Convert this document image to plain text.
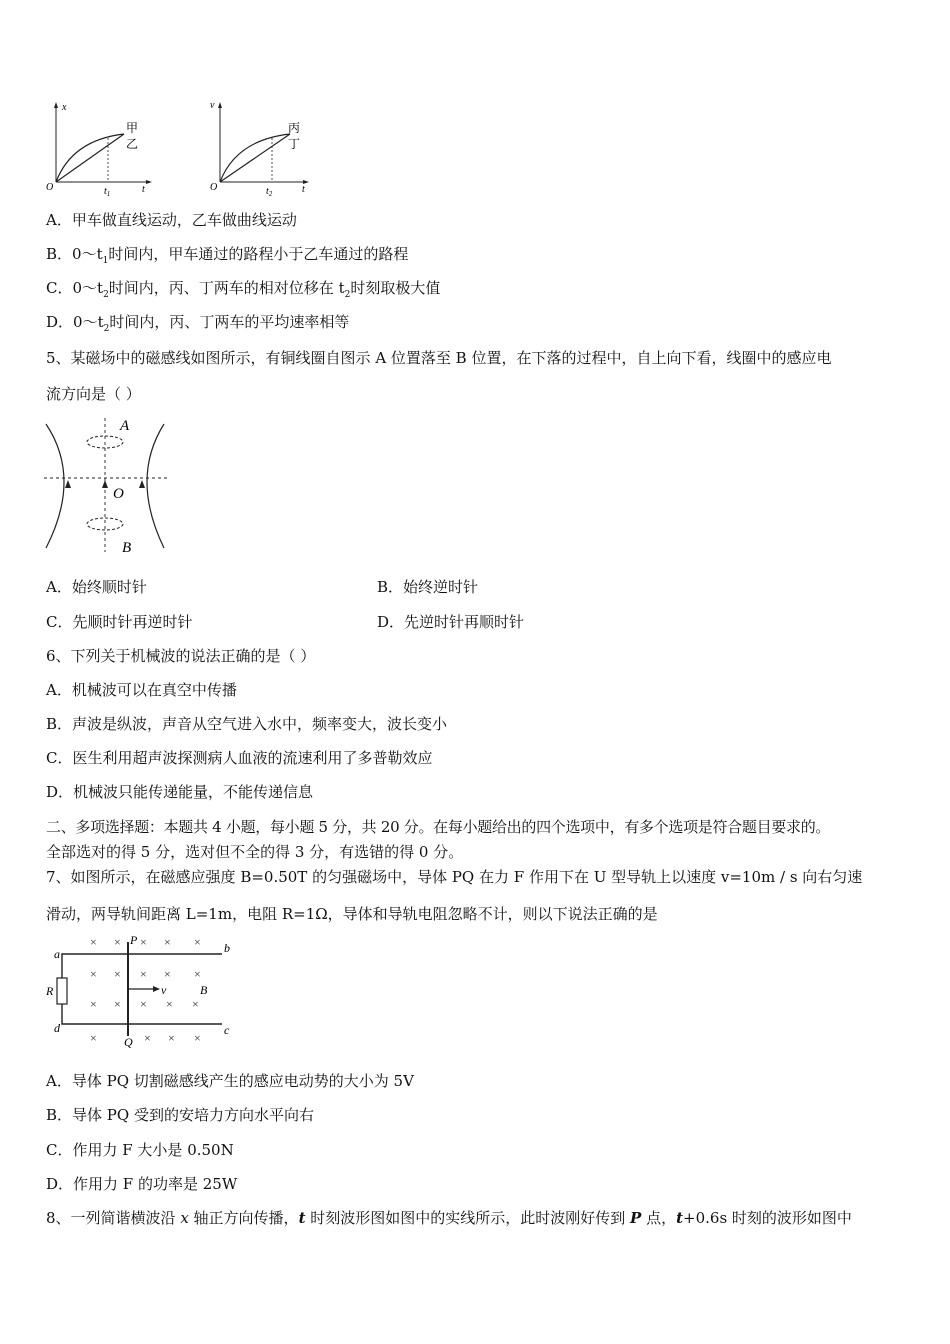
x
O	t
$t_1$
甲
乙
v
O	t
$t_2$
丙
丁
A．甲车做直线运动，乙车做曲线运动
B．$0\sim t_1$时间内，甲车通过的路程小于乙车通过的路程
C．$0\sim t_2$时间内，丙、丁两车的相对位移在 $t_2$时刻取极大值
D．$0\sim t_2$时间内，丙、丁两车的平均速率相等
5、某磁场中的磁感线如图所示，有铜线圈自图示 A 位置落至 B 位置，在下落的过程中，自上向下看，线圈中的感应电
流方向是（ ）
A
O
B
A．始终顺时针	B．始终逆时针
C．先顺时针再逆时针	D．先逆时针再顺时针
6、下列关于机械波的说法正确的是（ ）
A．机械波可以在真空中传播
B．声波是纵波，声音从空气进入水中，频率变大，波长变小
C．医生利用超声波探测病人血液的流速利用了多普勒效应
D．机械波只能传递能量，不能传递信息
二、多项选择题：本题共 4 小题，每小题 5 分，共 20 分。在每小题给出的四个选项中，有多个选项是符合题目要求的。
全部选对的得 5 分，选对但不全的得 3 分，有选错的得 0 分。
7、如图所示，在磁感应强度 B=0.50T 的匀强磁场中，导体 PQ 在力 F 作用下在 U 型导轨上以速度 v=10m / s 向右匀速
滑动，两导轨间距离 L=1m，电阻 R=1Ω，导体和导轨电阻忽略不计，则以下说法正确的是
a	b
c
d
P
Q
R	v	B
× × × × ×
× × × × ×
× × × × ×
×	× × ×
A．导体 PQ 切割磁感线产生的感应电动势的大小为 5V
B．导体 PQ 受到的安培力方向水平向右
C．作用力 F 大小是 0.50N
D．作用力 F 的功率是 25W
8、一列简谐横波沿 x 轴正方向传播，t 时刻波形图如图中的实线所示，此时波刚好传到 P 点，t+0.6s 时刻的波形如图中
